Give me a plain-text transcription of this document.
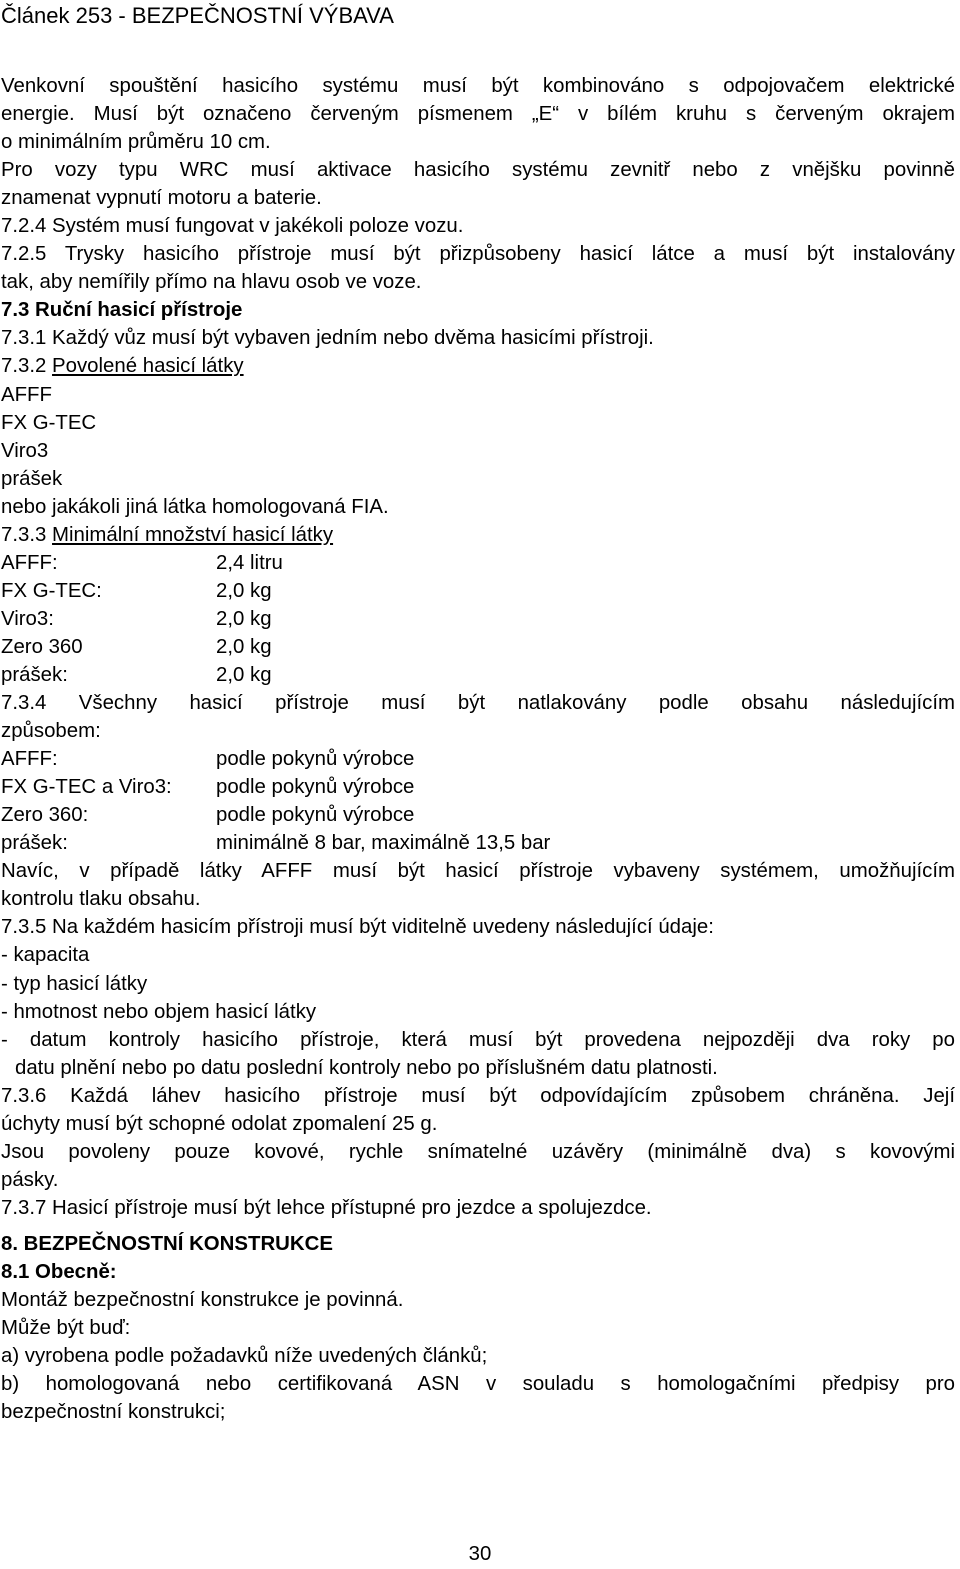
Článek 253 - BEZPEČNOSTNÍ VÝBAVA

Venkovní spouštění hasicího systému musí být kombinováno s odpojovačem elektrické

energie. Musí být označeno červeným písmenem „E“ v bílém kruhu s červeným okrajem

o minimálním průměru 10 cm.

Pro vozy typu WRC musí aktivace hasicího systému zevnitř nebo z vnějšku povinně

znamenat vypnutí motoru a baterie.

7.2.4 Systém musí fungovat v jakékoli poloze vozu.

7.2.5 Trysky hasicího přístroje musí být přizpůsobeny hasicí látce a musí být instalovány

tak, aby nemířily přímo na hlavu osob ve voze.

7.3 Ruční hasicí přístroje

7.3.1 Každý vůz musí být vybaven jedním nebo dvěma hasicími přístroji.

7.3.2 Povolené hasicí látky

AFFF

FX G-TEC

Viro3

prášek

nebo jakákoli jiná látka homologovaná FIA.

7.3.3 Minimální množství hasicí látky

AFFF:	2,4 litru

FX G-TEC:	2,0 kg

Viro3:	2,0 kg

Zero 360	2,0 kg

prášek:	2,0 kg

7.3.4 Všechny hasicí přístroje musí být natlakovány podle obsahu následujícím

způsobem:

AFFF:	podle pokynů výrobce

FX G-TEC a Viro3:	podle pokynů výrobce

Zero 360:	podle pokynů výrobce

prášek:	minimálně 8 bar, maximálně 13,5 bar

Navíc, v případě látky AFFF musí být hasicí přístroje vybaveny systémem, umožňujícím

kontrolu tlaku obsahu.

7.3.5 Na každém hasicím přístroji musí být viditelně uvedeny následující údaje:

- kapacita

- typ hasicí látky

- hmotnost nebo objem hasicí látky

- datum kontroly hasicího přístroje, která musí být provedena nejpozději dva roky po

datu plnění nebo po datu poslední kontroly nebo po příslušném datu platnosti.

7.3.6 Každá láhev hasicího přístroje musí být odpovídajícím způsobem chráněna. Její

úchyty musí být schopné odolat zpomalení 25 g.

Jsou povoleny pouze kovové, rychle snímatelné uzávěry (minimálně dva) s kovovými

pásky.

7.3.7 Hasicí přístroje musí být lehce přístupné pro jezdce a spolujezdce.

8. BEZPEČNOSTNÍ KONSTRUKCE

8.1 Obecně:

Montáž bezpečnostní konstrukce je povinná.

Může být buď:

a) vyrobena podle požadavků níže uvedených článků;

b) homologovaná nebo certifikovaná ASN v souladu s homologačními předpisy pro

bezpečnostní konstrukci;

30
